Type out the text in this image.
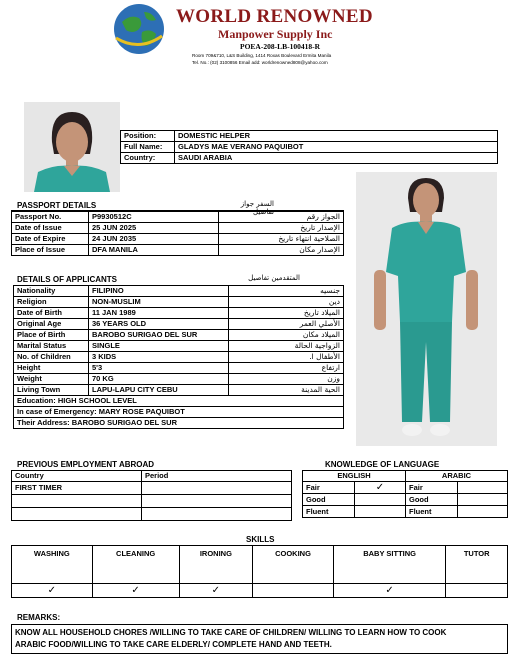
WORLD RENOWNED
Manpower Supply Inc
POEA-208-LB-100418-R
Room 709&710, L&S Building, 1414 Roxas Boulevard Ermita Manila
Tel. No.: (02) 3100856 Email add: worldrenowned808@yahoo.com
Position:	DOMESTIC HELPER
Full Name:	GLADYS MAE VERANO PAQUIBOT
Country:	SAUDI ARABIA
PASSPORT DETAILS	السفر جواز تفاصيل
Passport No.	P9930512C	الجواز رقم
Date of Issue	25 JUN 2025	الإصدار تاريخ
Date of Expire	24 JUN 2035	الصلاحية انتهاء تاريخ
Place of Issue	DFA MANILA	الإصدار مكان
DETAILS OF APPLICANTS	المتقدمين تفاصيل
Nationality	FILIPINO	جنسيه
Religion	NON-MUSLIM	دين
Date of Birth	11 JAN 1989	الميلاد تاريخ
Original Age	36 YEARS OLD	الأصلي العمر
Place of Birth	BAROBO SURIGAO DEL SUR	الميلاد مكان
Marital Status	SINGLE	الزواجية الحالة
No. of Children	3 KIDS	الأطفال ا.
Height	5'3	ارتفاع
Weight	70 KG	وزن
Living Town	LAPU-LAPU CITY CEBU	الحية المدينة
Education: HIGH SCHOOL LEVEL		
In case of Emergency: MARY ROSE PAQUIBOT		
Their Address: BAROBO SURIGAO DEL SUR		
PREVIOUS EMPLOYMENT ABROAD
Country	Period
FIRST TIMER	

KNOWLEDGE OF LANGUAGE
ENGLISH		ARABIC	
Fair	✓	Fair	
Good		Good	
Fluent		Fluent	
SKILLS
WASHING	CLEANING	IRONING	COOKING	BABY SITTING	TUTOR
✓	✓	✓		✓	
REMARKS:
KNOW ALL HOUSEHOLD CHORES /WILLING TO TAKE CARE OF CHILDREN/ WILLING TO LEARN HOW TO COOK
ARABIC FOOD/WILLING TO TAKE CARE ELDERLY/ COMPLETE HAND AND TEETH.
